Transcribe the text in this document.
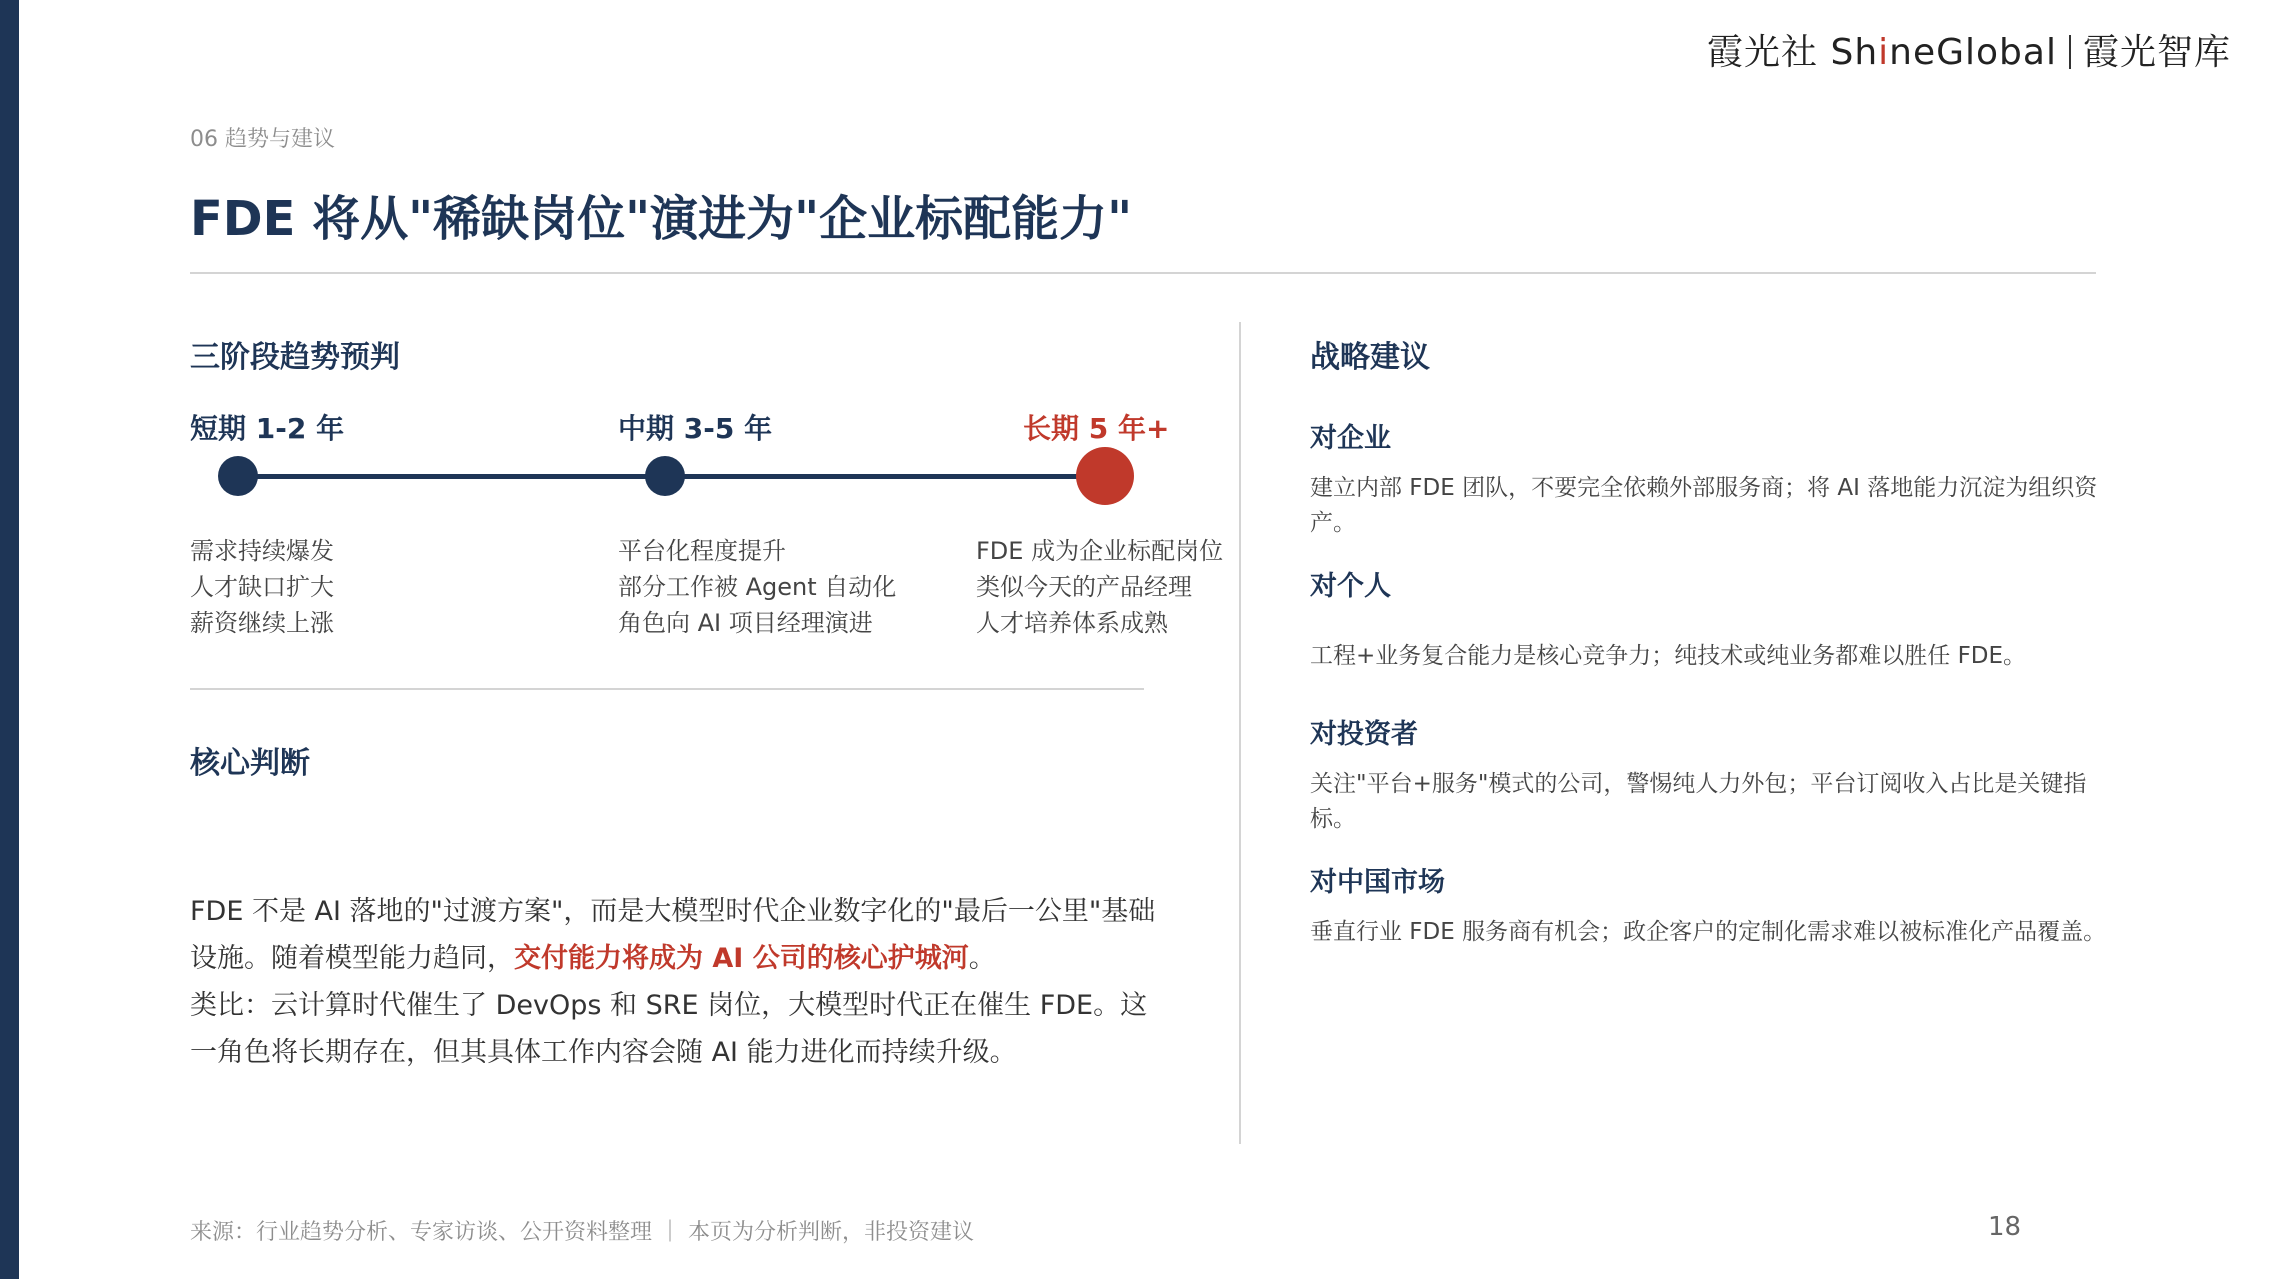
霞光社 ShineGlobal 霞光智库
06 趋势与建议
FDE 将从"稀缺岗位"演进为"企业标配能力"
三阶段趋势预判
短期 1-2 年	中期 3-5 年	长期 5 年+
需求持续爆发
人才缺口扩大
薪资继续上涨
平台化程度提升
部分工作被 Agent 自动化
角色向 AI 项目经理演进
FDE 成为企业标配岗位
类似今天的产品经理
人才培养体系成熟
核心判断

FDE 不是 AI 落地的"过渡方案"，而是大模型时代企业数字化的"最后一公里"基础设施。随着模型能力趋同，交付能力将成为 AI 公司的核心护城河。

类比：云计算时代催生了 DevOps 和 SRE 岗位，大模型时代正在催生 FDE。这一角色将长期存在，但其具体工作内容会随 AI 能力进化而持续升级。

战略建议
对企业
建立内部 FDE 团队，不要完全依赖外部服务商；将 AI 落地能力沉淀为组织资产。
对个人
工程+业务复合能力是核心竞争力；纯技术或纯业务都难以胜任 FDE。
对投资者
关注"平台+服务"模式的公司，警惕纯人力外包；平台订阅收入占比是关键指标。
对中国市场
垂直行业 FDE 服务商有机会；政企客户的定制化需求难以被标准化产品覆盖。
来源：行业趋势分析、专家访谈、公开资料整理 ｜ 本页为分析判断，非投资建议	18
